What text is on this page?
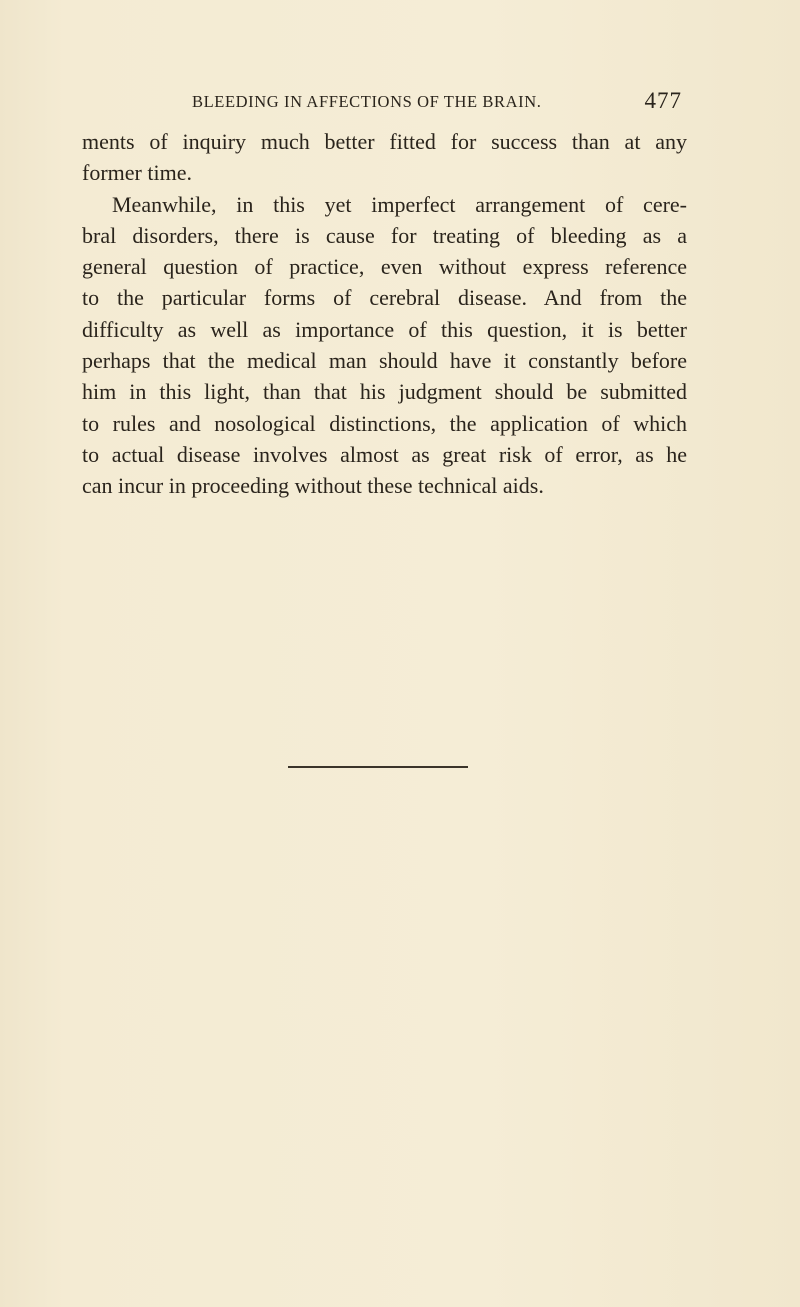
BLEEDING IN AFFECTIONS OF THE BRAIN.	477
ments of inquiry much better fitted for success than at any
former time.
Meanwhile, in this yet imperfect arrangement of cere-
bral disorders, there is cause for treating of bleeding as a
general question of practice, even without express reference
to the particular forms of cerebral disease. And from the
difficulty as well as importance of this question, it is better
perhaps that the medical man should have it constantly before
him in this light, than that his judgment should be submitted
to rules and nosological distinctions, the application of which
to actual disease involves almost as great risk of error, as he
can incur in proceeding without these technical aids.
